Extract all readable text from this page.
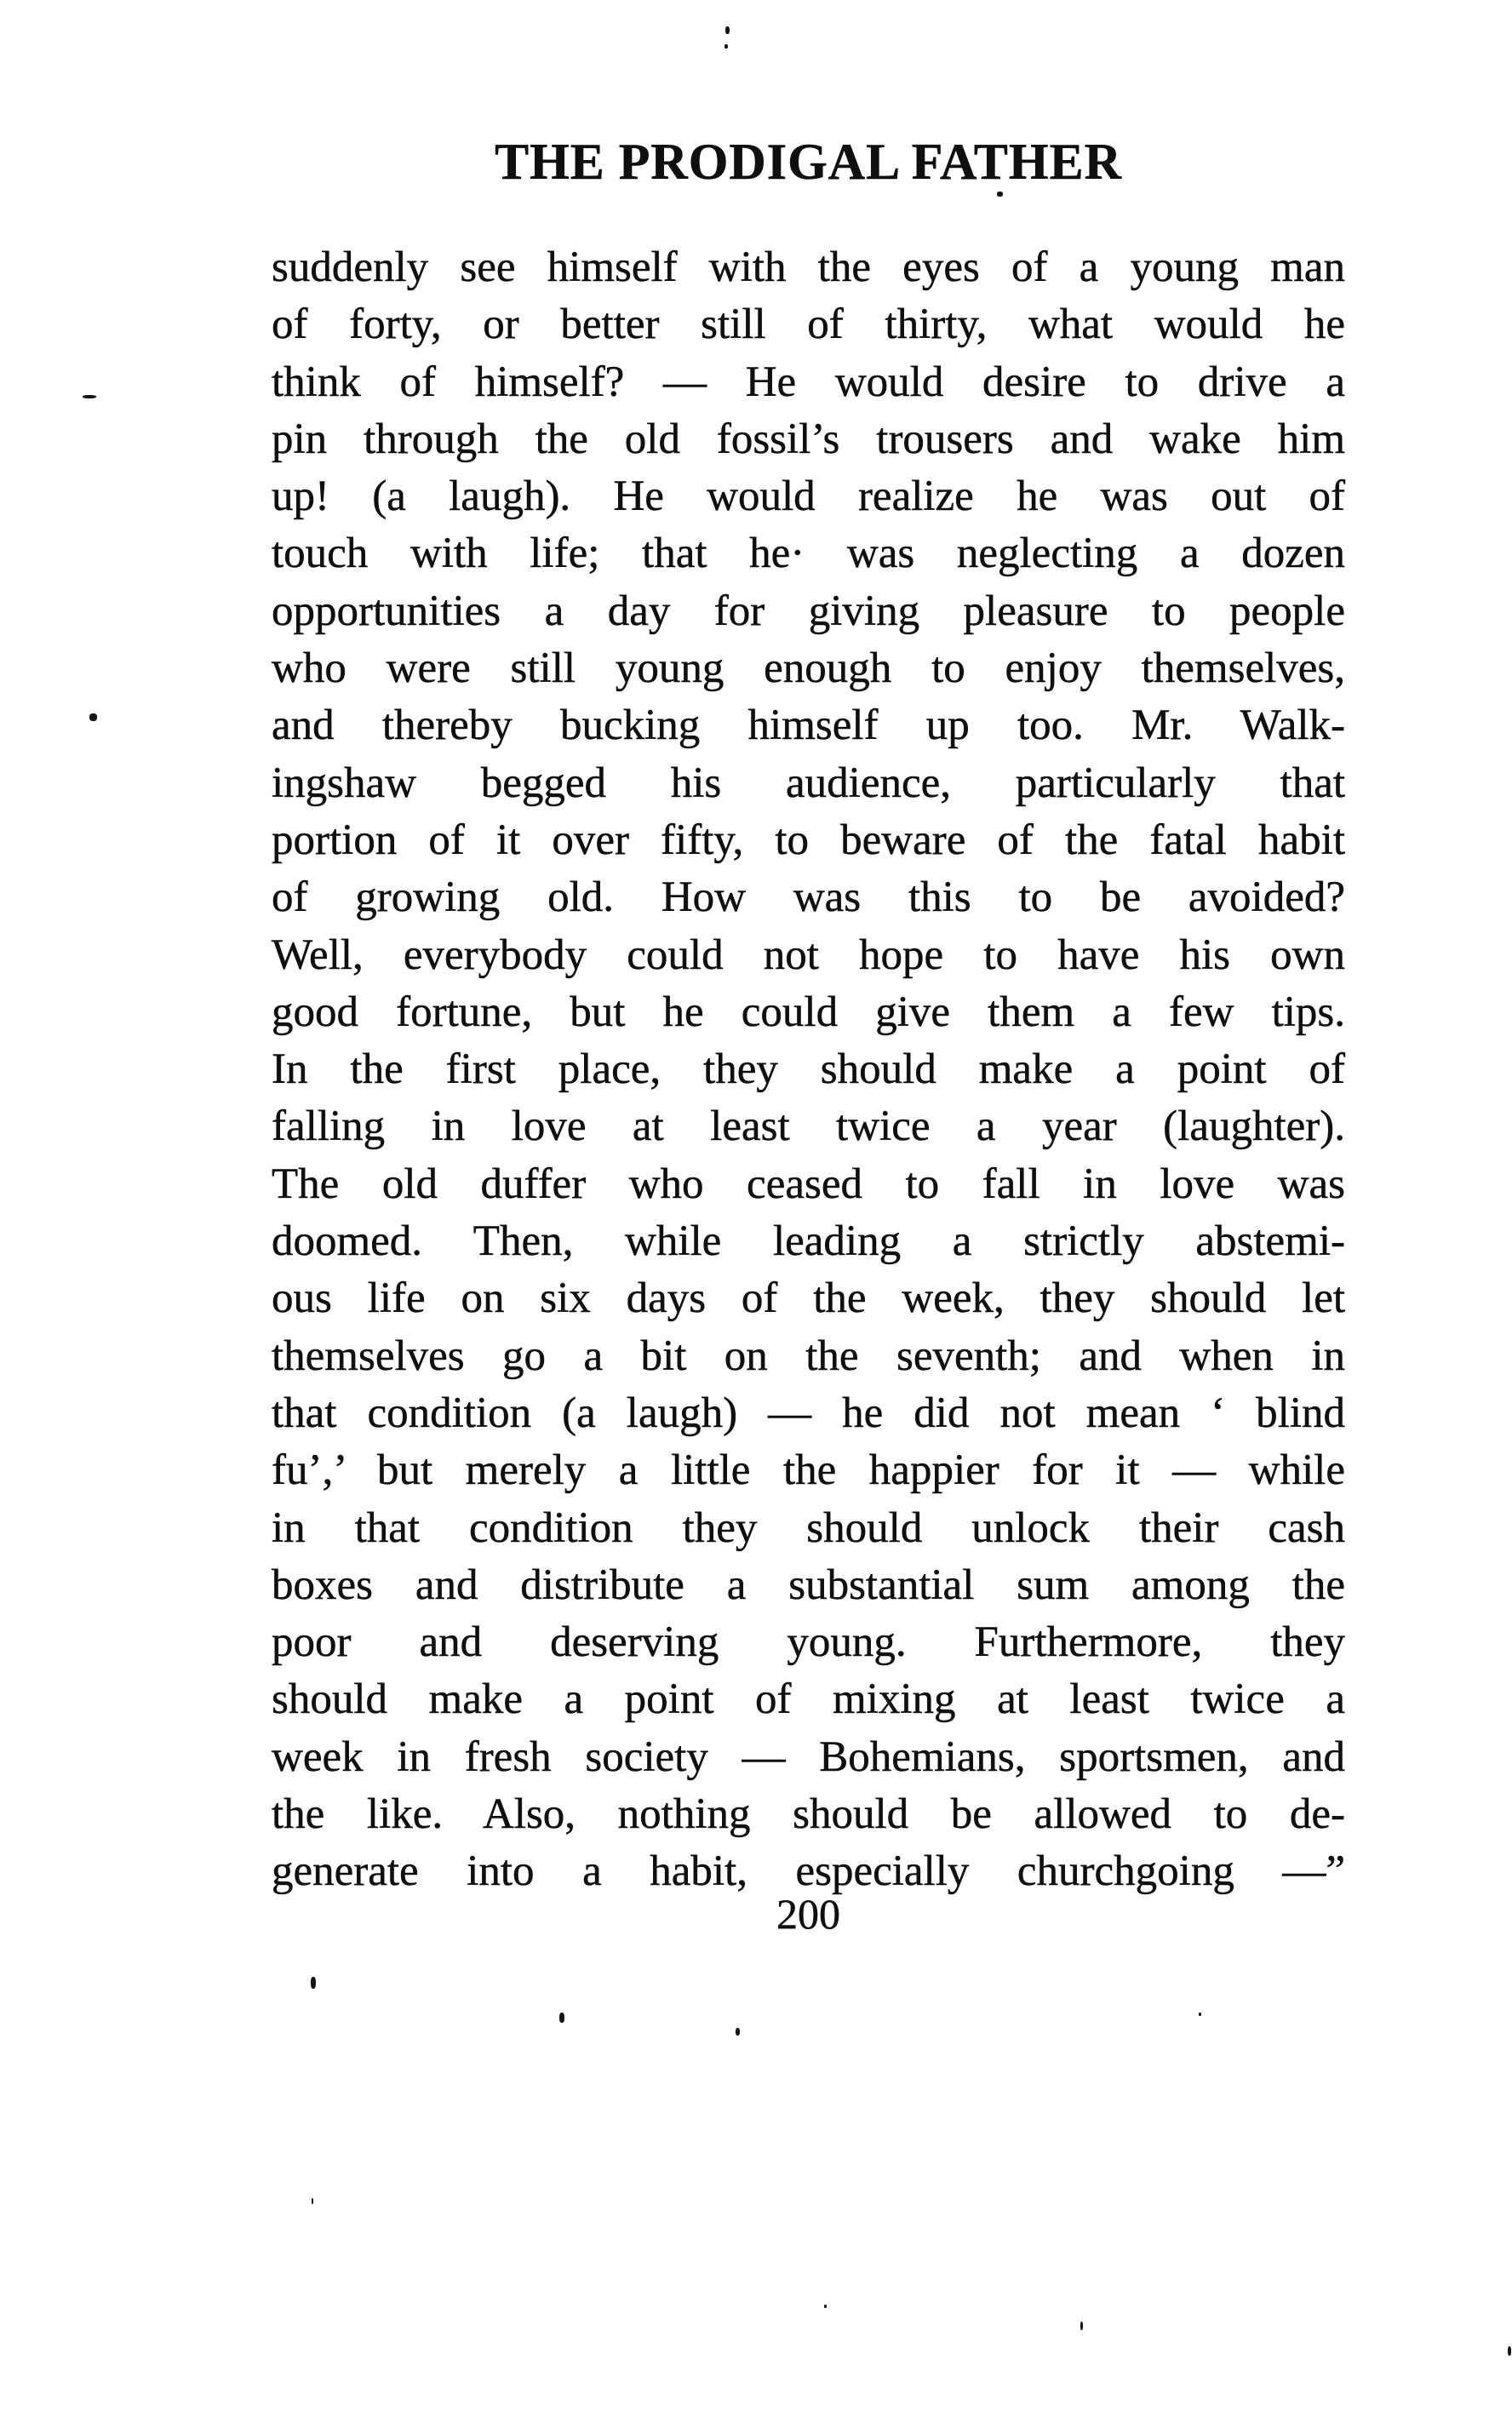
THE PRODIGAL FATHER
suddenly see himself with the eyes of a young man
of forty, or better still of thirty, what would he
think of himself? — He would desire to drive a
pin through the old fossil’s trousers and wake him
up! (a laugh). He would realize he was out of
touch with life; that he· was neglecting a dozen
opportunities a day for giving pleasure to people
who were still young enough to enjoy themselves,
and thereby bucking himself up too. Mr. Walk-
ingshaw begged his audience, particularly that
portion of it over fifty, to beware of the fatal habit
of growing old. How was this to be avoided?
Well, everybody could not hope to have his own
good fortune, but he could give them a few tips.
In the first place, they should make a point of
falling in love at least twice a year (laughter).
The old duffer who ceased to fall in love was
doomed. Then, while leading a strictly abstemi-
ous life on six days of the week, they should let
themselves go a bit on the seventh; and when in
that condition (a laugh) — he did not mean ‘ blind
fu’,’ but merely a little the happier for it — while
in that condition they should unlock their cash
boxes and distribute a substantial sum among the
poor and deserving young. Furthermore, they
should make a point of mixing at least twice a
week in fresh society — Bohemians, sportsmen, and
the like. Also, nothing should be allowed to de-
generate into a habit, especially churchgoing —”
200
